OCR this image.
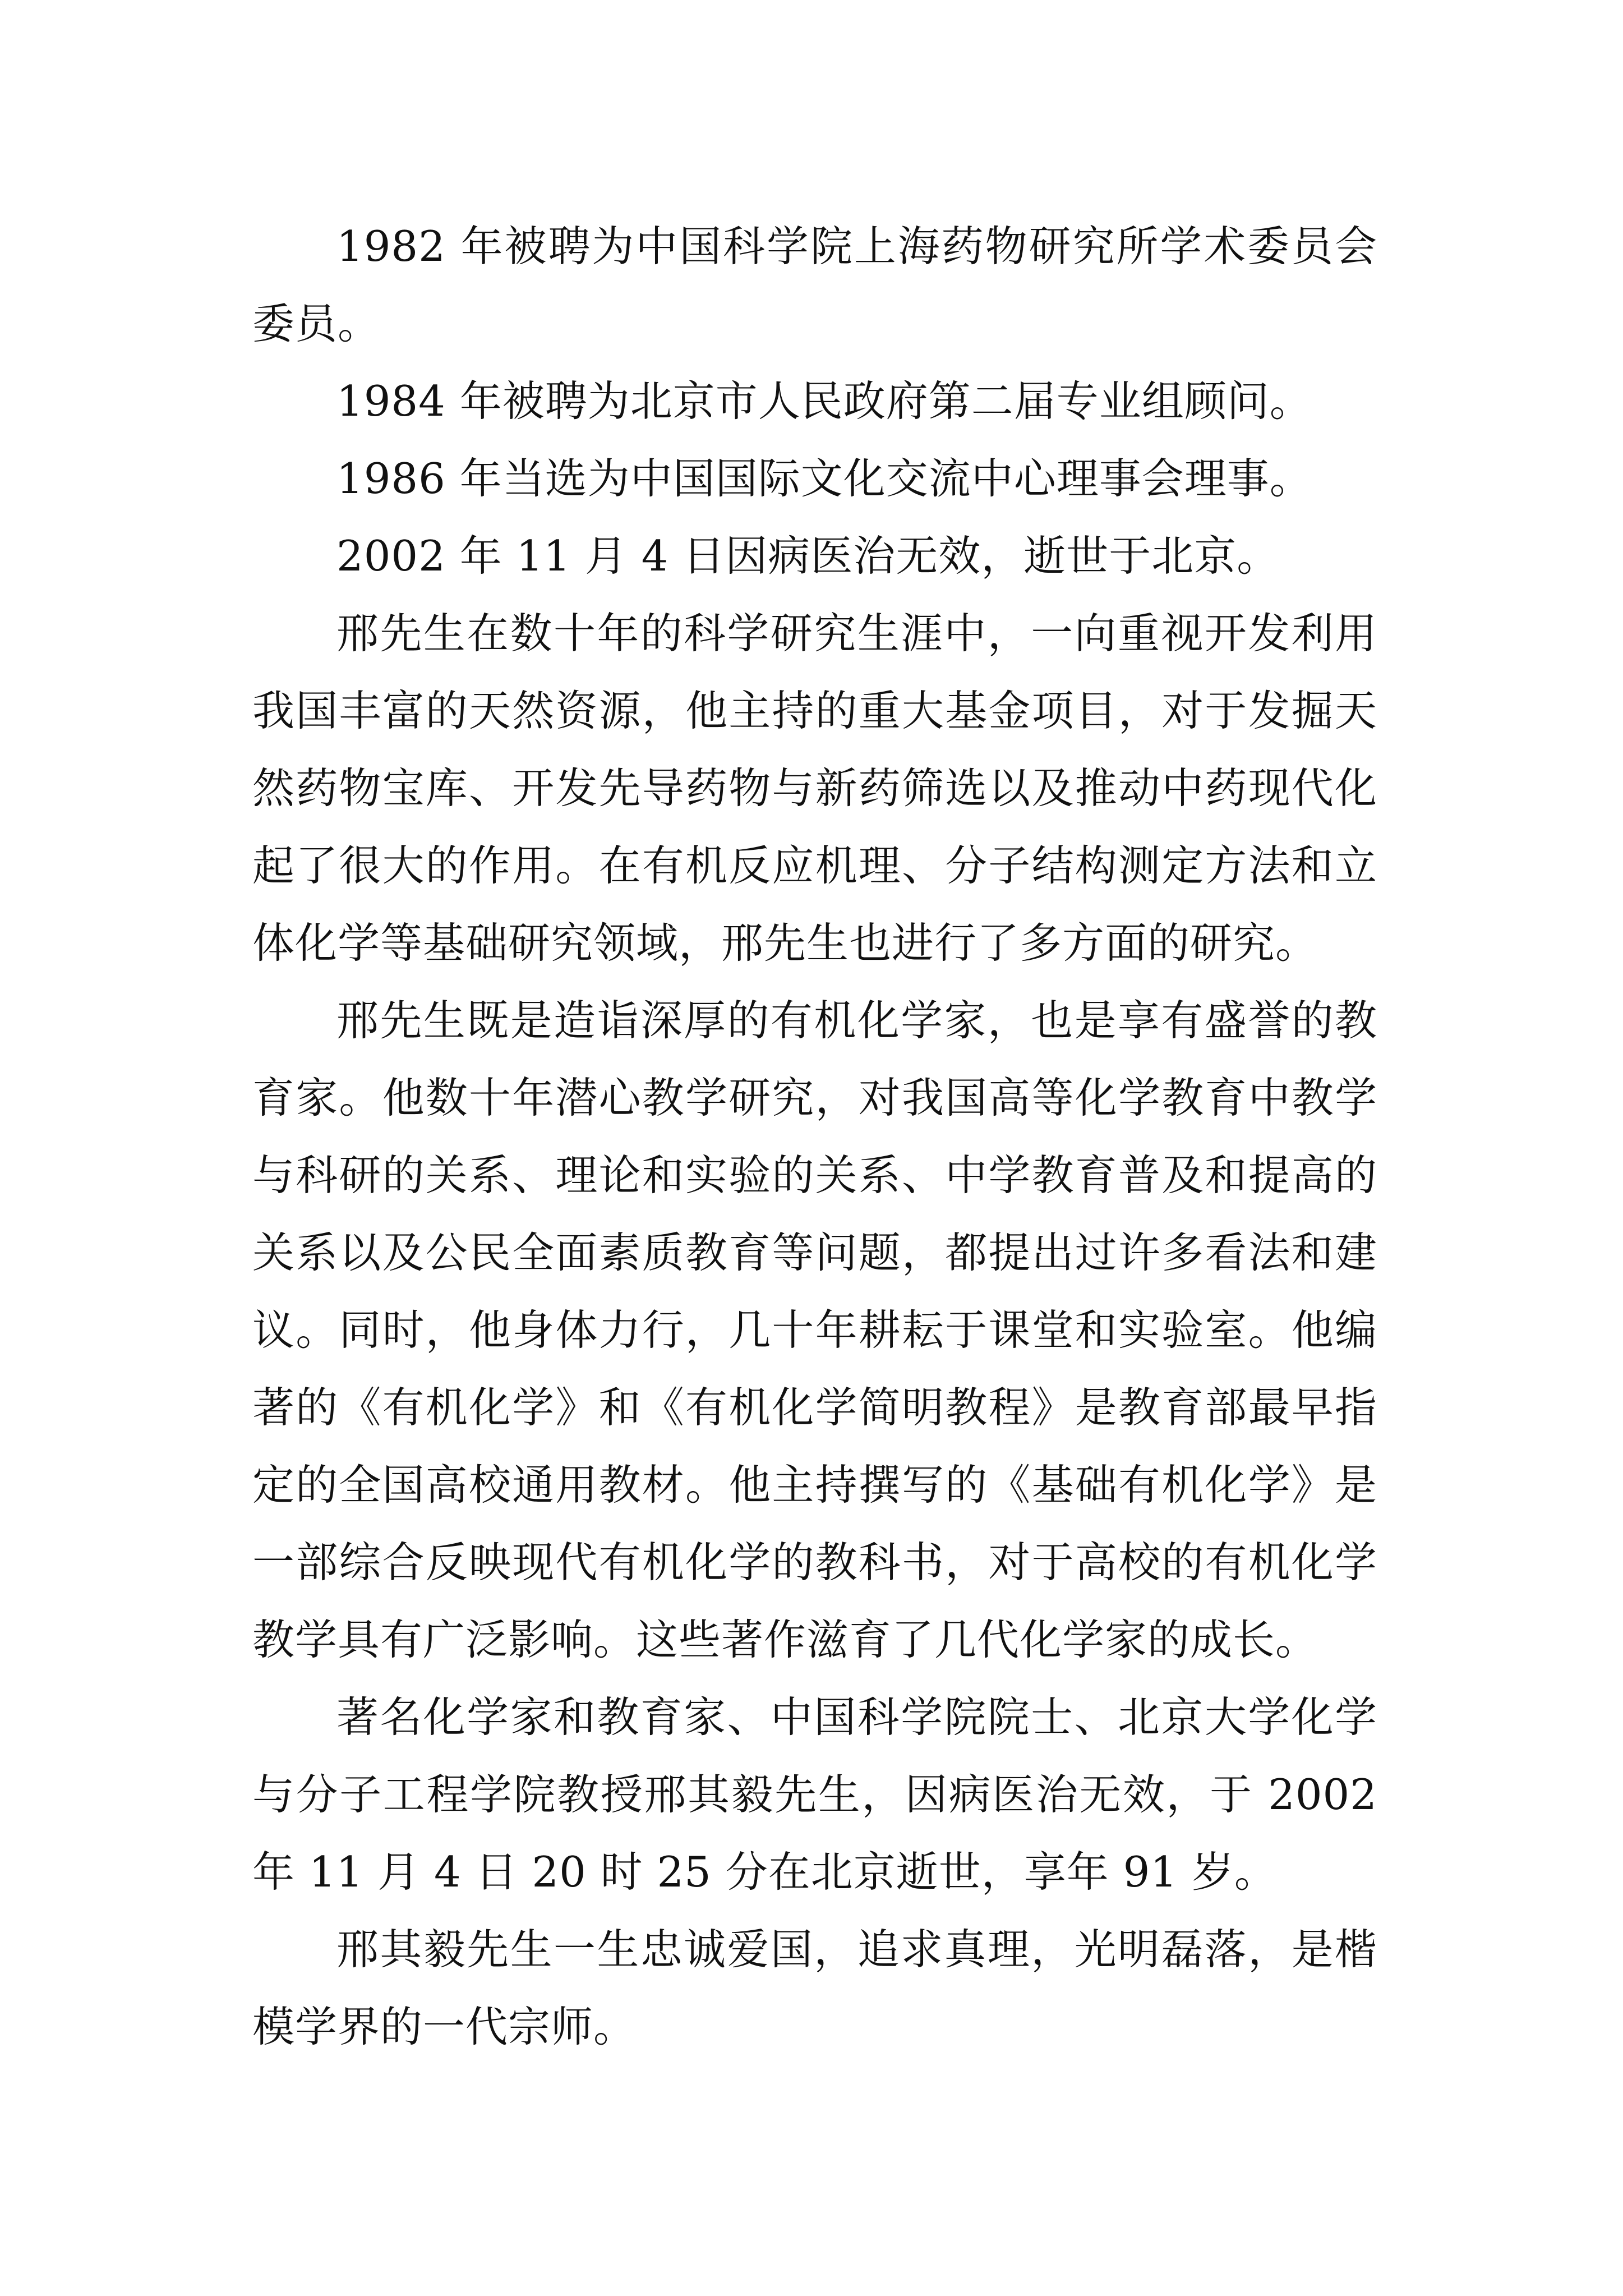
1982 年被聘为中国科学院上海药物研究所学术委员会委员。

1984 年被聘为北京市人民政府第二届专业组顾问。

1986 年当选为中国国际文化交流中心理事会理事。

2002 年 11 月 4 日因病医治无效，逝世于北京。

邢先生在数十年的科学研究生涯中，一向重视开发利用我国丰富的天然资源，他主持的重大基金项目，对于发掘天然药物宝库、开发先导药物与新药筛选以及推动中药现代化起了很大的作用。在有机反应机理、分子结构测定方法和立体化学等基础研究领域，邢先生也进行了多方面的研究。

邢先生既是造诣深厚的有机化学家，也是享有盛誉的教育家。他数十年潜心教学研究，对我国高等化学教育中教学与科研的关系、理论和实验的关系、中学教育普及和提高的关系以及公民全面素质教育等问题，都提出过许多看法和建议。同时，他身体力行，几十年耕耘于课堂和实验室。他编著的《有机化学》和《有机化学简明教程》是教育部最早指定的全国高校通用教材。他主持撰写的《基础有机化学》是一部综合反映现代有机化学的教科书，对于高校的有机化学教学具有广泛影响。这些著作滋育了几代化学家的成长。

著名化学家和教育家、中国科学院院士、北京大学化学与分子工程学院教授邢其毅先生，因病医治无效，于 2002 年 11 月 4 日 20 时 25 分在北京逝世，享年 91 岁。

邢其毅先生一生忠诚爱国，追求真理，光明磊落，是楷模学界的一代宗师。
